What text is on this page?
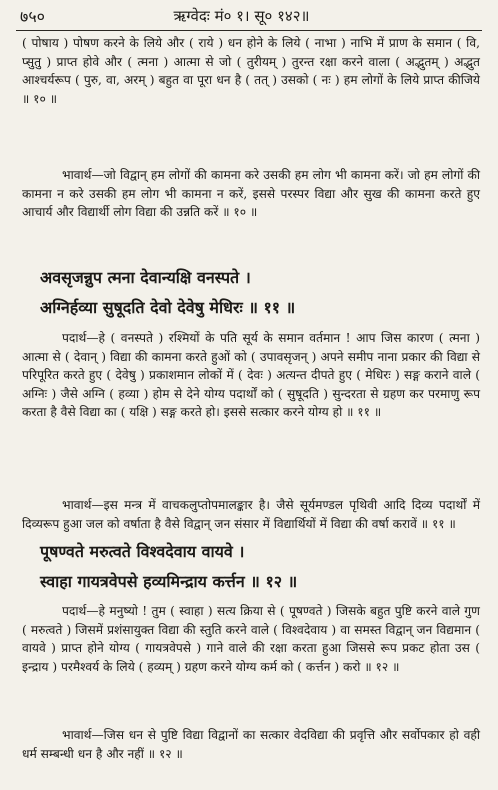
७५०	ऋग्वेदः मं० १। सू० १४२॥

( पोषाय ) पोषण करने के लिये और ( राये ) धन होने के लिये ( नाभा ) नाभि में प्राण के समान ( वि, प्सुतु ) प्राप्त होवे और ( त्मना ) आत्मा से जो ( तुरीयम् ) तुरन्त रक्षा करने वाला ( अद्भुतम् ) अद्भुत आश्चर्यरूप ( पुरु, वा, अरम् ) बहुत वा पूरा धन है ( तत् ) उसको ( नः ) हम लोगों के लिये प्राप्त कीजिये ॥ १० ॥

भावार्थ—जो विद्वान् हम लोगों की कामना करे उसकी हम लोग भी कामना करें। जो हम लोगों की कामना न करे उसकी हम लोग भी कामना न करें, इससे परस्पर विद्या और सुख की कामना करते हुए आचार्य और विद्यार्थी लोग विद्या की उन्नति करें ॥ १० ॥

अवसृजन्नुप त्मना देवान्यक्षि वनस्पते ।

अग्निर्हव्या सुषूदति देवो देवेषु मेधिरः ॥ ११ ॥

पदार्थ—हे ( वनस्पते ) रश्मियों के पति सूर्य के समान वर्तमान ! आप जिस कारण ( त्मना ) आत्मा से ( देवान् ) विद्या की कामना करते हुओं को ( उपावसृजन् ) अपने समीप नाना प्रकार की विद्या से परिपूरित करते हुए ( देवेषु ) प्रकाशमान लोकों में ( देवः ) अत्यन्त दीपते हुए ( मेधिरः ) सङ्ग कराने वाले ( अग्निः ) जैसे अग्नि ( हव्या ) होम से देने योग्य पदार्थों को ( सुषूदति ) सुन्दरता से ग्रहण कर परमाणु रूप करता है वैसे विद्या का ( यक्षि ) सङ्ग करते हो। इससे सत्कार करने योग्य हो ॥ ११ ॥

भावार्थ—इस मन्त्र में वाचकलुप्तोपमालङ्कार है। जैसे सूर्यमण्डल पृथिवी आदि दिव्य पदार्थों में दिव्यरूप हुआ जल को वर्षाता है वैसे विद्वान् जन संसार में विद्यार्थियों में विद्या की वर्षा करावें ॥ ११ ॥

पूषण्वते मरुत्वते विश्वदेवाय वायवे ।

स्वाहा गायत्रवेपसे हव्यमिन्द्राय कर्त्तन ॥ १२ ॥

पदार्थ—हे मनुष्यो ! तुम ( स्वाहा ) सत्य क्रिया से ( पूषण्वते ) जिसके बहुत पुष्टि करने वाले गुण ( मरुत्वते ) जिसमें प्रशंसायुक्त विद्या की स्तुति करने वाले ( विश्वदेवाय ) वा समस्त विद्वान् जन विद्यमान ( वायवे ) प्राप्त होने योग्य ( गायत्रवेपसे ) गाने वाले की रक्षा करता हुआ जिससे रूप प्रकट होता उस ( इन्द्राय ) परमैश्वर्य के लिये ( हव्यम् ) ग्रहण करने योग्य कर्म को ( कर्त्तन ) करो ॥ १२ ॥

भावार्थ—जिस धन से पुष्टि विद्या विद्वानों का सत्कार वेदविद्या की प्रवृत्ति और सर्वोपकार हो वही धर्म सम्बन्धी धन है और नहीं ॥ १२ ॥
